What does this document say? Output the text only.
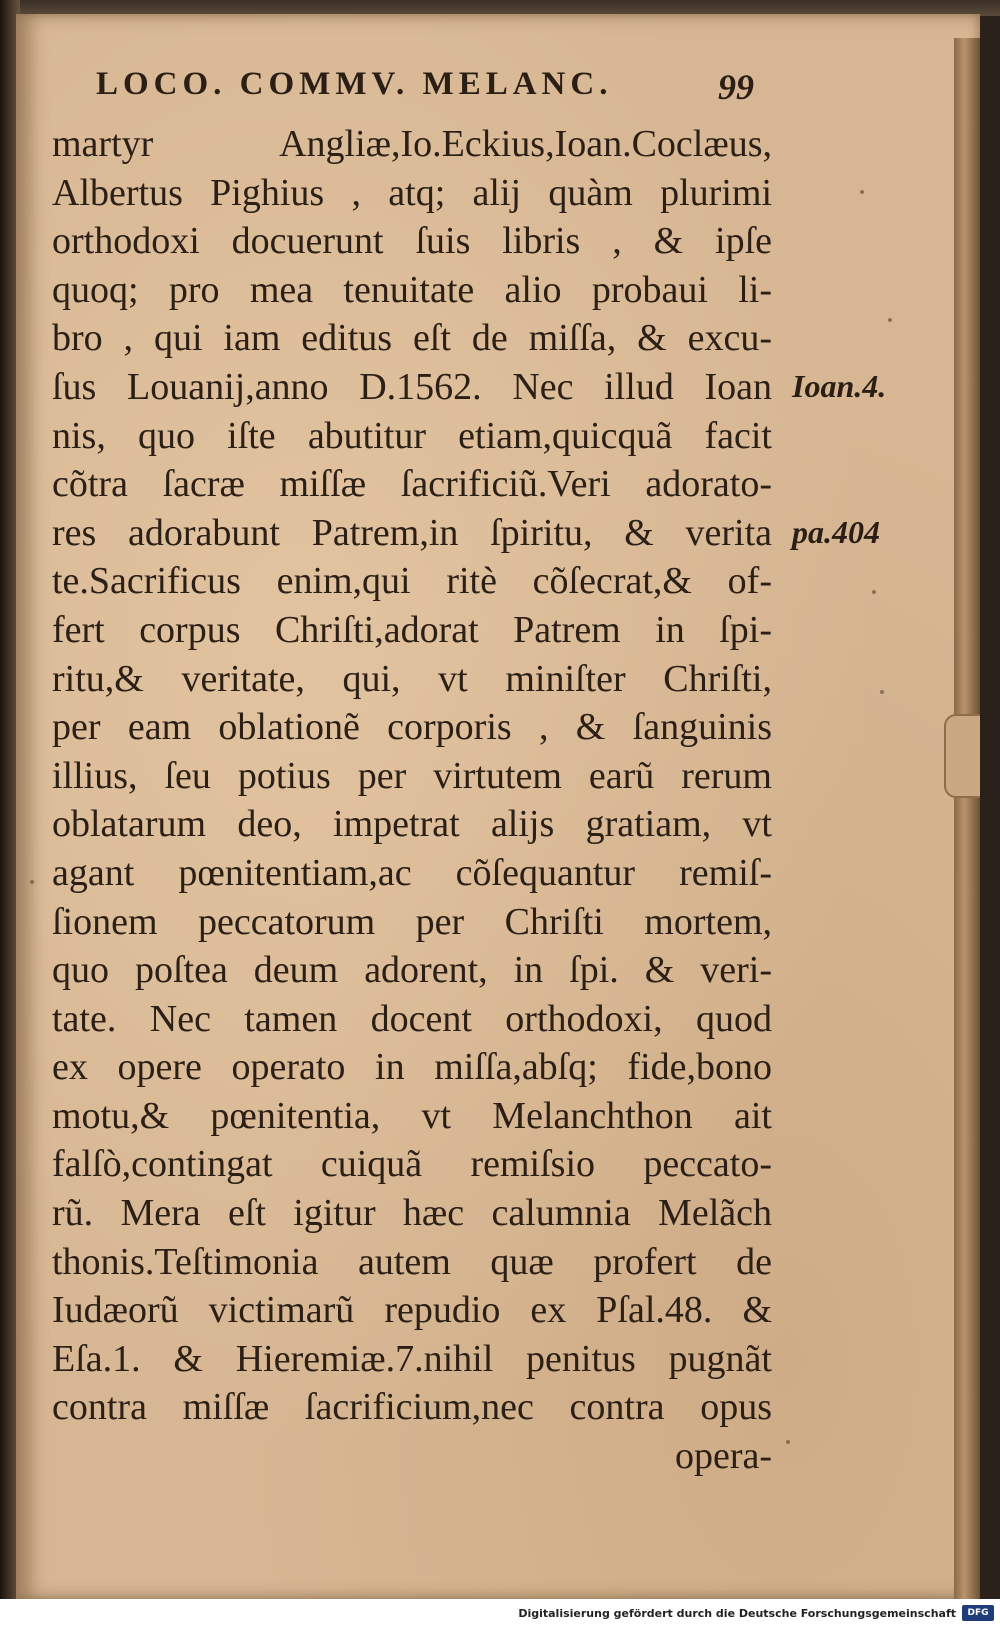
LOCO. COMMV. MELANC.	99
martyr Angliæ,Io.Eckius,Ioan.Coclæus,
Albertus Pighius , atq; alij quàm plurimi
orthodoxi docuerunt ſuis libris , & ipſe
quoq; pro mea tenuitate alio probaui li-
bro , qui iam editus eſt de miſſa, & excu-
ſus Louanij,anno D.1562. Nec illud Ioan
nis, quo iſte abutitur etiam,quicquã facit
cõtra ſacræ miſſæ ſacrificiũ.Veri adorato-
res adorabunt Patrem,in ſpiritu, & verita
te.Sacrificus enim,qui ritè cõſecrat,& of-
fert corpus Chriſti,adorat Patrem in ſpi-
ritu,& veritate, qui, vt miniſter Chriſti,
per eam oblationẽ corporis , & ſanguinis
illius, ſeu potius per virtutem earũ rerum
oblatarum deo, impetrat alijs gratiam, vt
agant pœnitentiam,ac cõſequantur remiſ-
ſionem peccatorum per Chriſti mortem,
quo poſtea deum adorent, in ſpi. & veri-
tate. Nec tamen docent orthodoxi, quod
ex opere operato in miſſa,abſq; fide,bono
motu,& pœnitentia, vt Melanchthon ait
falſò,contingat cuiquã remiſsio peccato-
rũ. Mera eſt igitur hæc calumnia Melãch
thonis.Teſtimonia autem quæ profert de
Iudæorũ victimarũ repudio ex Pſal.48. &
Eſa.1. & Hieremiæ.7.nihil penitus pugnãt
contra miſſæ ſacrificium,nec contra opus
opera-
Ioan.4.
pa.404
Digitalisierung gefördert durch die Deutsche Forschungsgemeinschaft	DFG
